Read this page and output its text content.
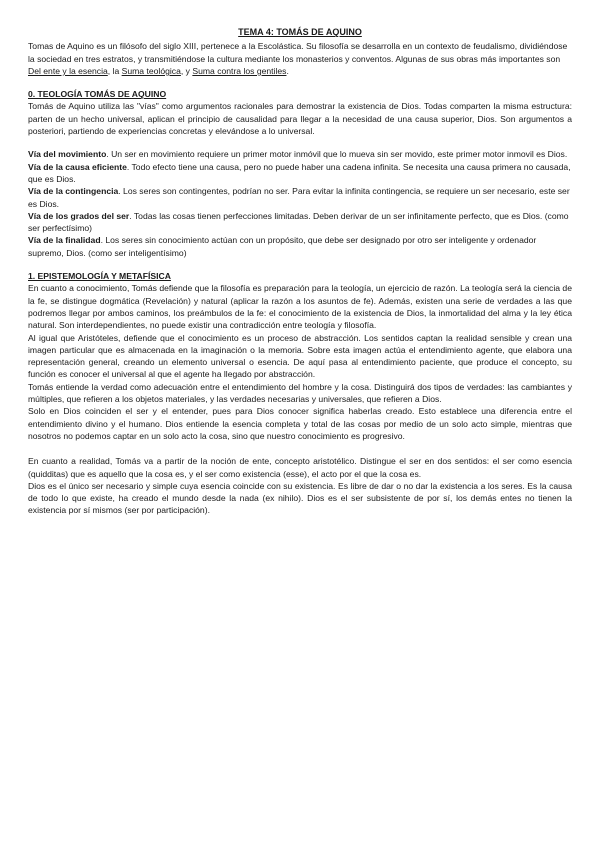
TEMA 4: TOMÁS DE AQUINO

Tomas de Aquino es un filósofo del siglo XIII, pertenece a la Escolástica. Su filosofía se desarrolla en un contexto de feudalismo, dividiéndose la sociedad en tres estratos, y transmitiéndose la cultura mediante los monasterios y conventos. Algunas de sus obras más importantes son Del ente y la esencia, la Suma teológica, y Suma contra los gentiles.

0. TEOLOGÍA TOMÁS DE AQUINO

Tomás de Aquino utiliza las "vías" como argumentos racionales para demostrar la existencia de Dios. Todas comparten la misma estructura: parten de un hecho universal, aplican el principio de causalidad para llegar a la necesidad de una causa superior, Dios. Son argumentos a posteriori, partiendo de experiencias concretas y elevándose a lo universal.

Vía del movimiento. Un ser en movimiento requiere un primer motor inmóvil que lo mueva sin ser movido, este primer motor inmovil es Dios.

Vía de la causa eficiente. Todo efecto tiene una causa, pero no puede haber una cadena infinita. Se necesita una causa primera no causada, que es Dios.

Vía de la contingencia. Los seres son contingentes, podrían no ser. Para evitar la infinita contingencia, se requiere un ser necesario, este ser es Dios.

Vía de los grados del ser. Todas las cosas tienen perfecciones limitadas. Deben derivar de un ser infinitamente perfecto, que es Dios. (como ser perfectísimo)

Vía de la finalidad. Los seres sin conocimiento actúan con un propósito, que debe ser designado por otro ser inteligente y ordenador supremo, Dios. (como ser inteligentísimo)

1. EPISTEMOLOGÍA Y METAFÍSICA

En cuanto a conocimiento, Tomás defiende que la filosofía es preparación para la teología, un ejercicio de razón. La teología será la ciencia de la fe, se distingue dogmática (Revelación) y natural (aplicar la razón a los asuntos de fe). Además, existen una serie de verdades a las que podremos llegar por ambos caminos, los preámbulos de la fe: el conocimiento de la existencia de Dios, la inmortalidad del alma y la ley ética natural. Son interdependientes, no puede existir una contradicción entre teología y filosofía.

Al igual que Aristóteles, defiende que el conocimiento es un proceso de abstracción. Los sentidos captan la realidad sensible y crean una imagen particular que es almacenada en la imaginación o la memoria. Sobre esta imagen actúa el entendimiento agente, que elabora una representación general, creando un elemento universal o esencia. De aquí pasa al entendimiento paciente, que produce el concepto, su función es conocer el universal al que el agente ha llegado por abstracción.

Tomás entiende la verdad como adecuación entre el entendimiento del hombre y la cosa. Distinguirá dos tipos de verdades: las cambiantes y múltiples, que refieren a los objetos materiales, y las verdades necesarias y universales, que refieren a Dios.

Solo en Dios coinciden el ser y el entender, pues para Dios conocer significa haberlas creado. Esto establece una diferencia entre el entendimiento divino y el humano. Dios entiende la esencia completa y total de las cosas por medio de un solo acto simple, mientras que nosotros no podemos captar en un solo acto la cosa, sino que nuestro conocimiento es progresivo.

En cuanto a realidad, Tomás va a partir de la noción de ente, concepto aristotélico. Distingue el ser en dos sentidos: el ser como esencia (quidditas) que es aquello que la cosa es, y el ser como existencia (esse), el acto por el que la cosa es.

Dios es el único ser necesario y simple cuya esencia coincide con su existencia. Es libre de dar o no dar la existencia a los seres. Es la causa de todo lo que existe, ha creado el mundo desde la nada (ex nihilo). Dios es el ser subsistente de por sí, los demás entes no tienen la existencia por sí mismos (ser por participación).
